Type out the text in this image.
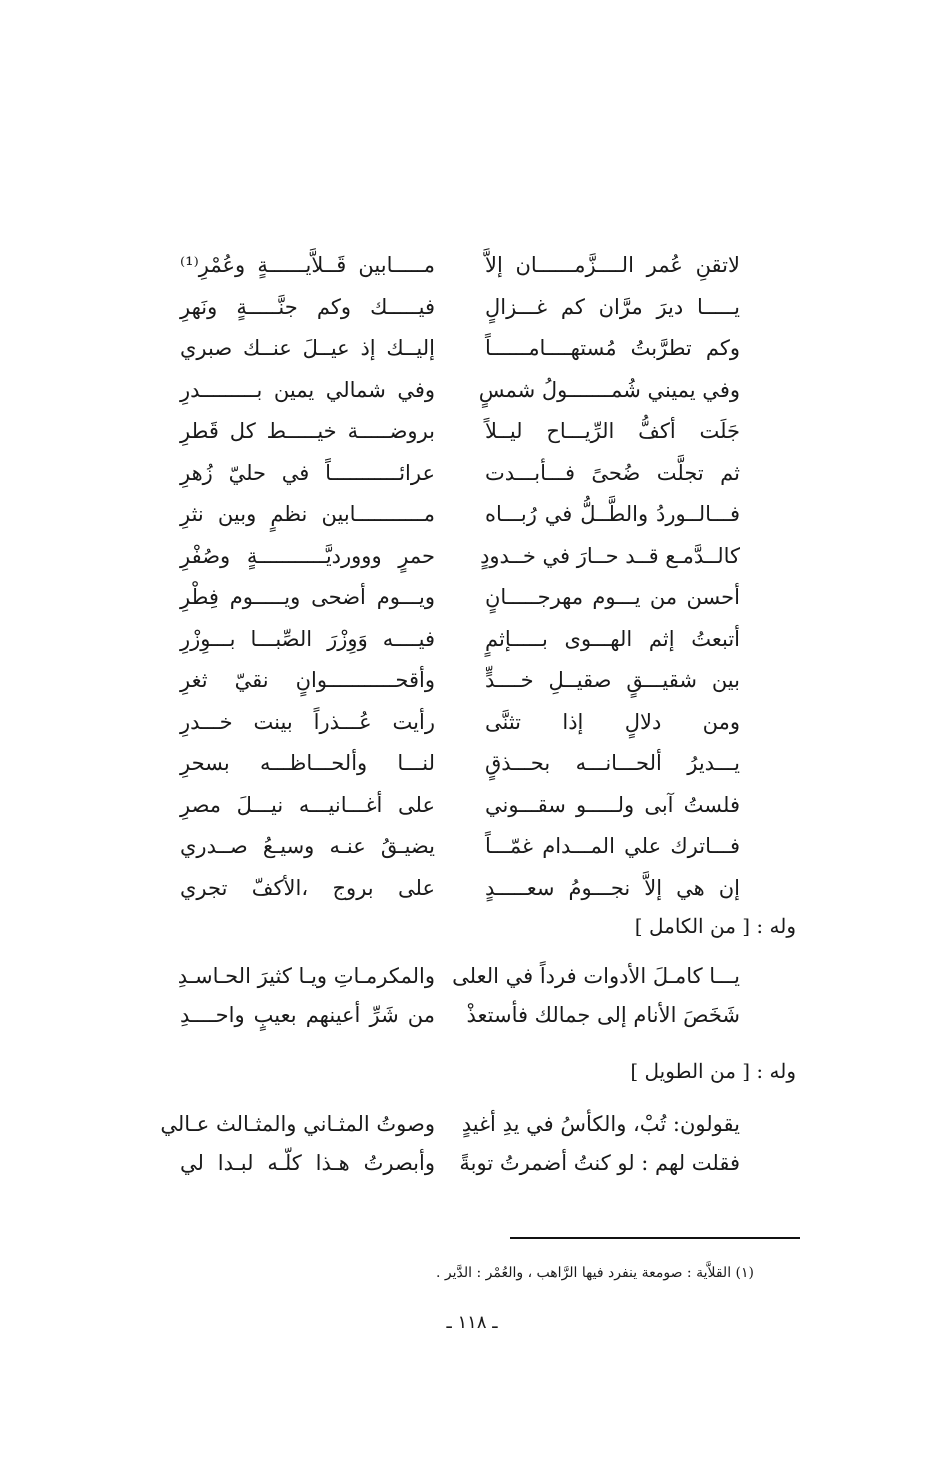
لاتقنِ عُمر الــــزَّمــــــان إلاَّ
مـــــابين قَــلاَّيــــــةٍ وعُمْرِ⁽¹⁾
يـــــا ديرَ مرَّان كم غـــزالٍ
فيـــــك وكم جنَّـــــةٍ ونَهرِ
وكم تطرَّبتُ مُستهــــامــــــاً
إليــك إذ عيــلَ عنــك صبري
وفي يميني شُمـــــــولُ شمسٍ
وفي شمالي يمين بـــــــــدرِ
جَلَت أكفُّ الرِّيـــاح ليــلاً
بروضـــــة خيـــــط كل قَطرِ
ثم تجلَّت ضُحىً فـــأبـــدت
عرائـــــــــــاً في حليّ زُهرِ
فـــالــوردُ والطَّــلُّ في رُبـــاه
مـــــــــــابين نظمٍ وبين نثرِ
كالــدَّمـع قــد حــارَ في خــدودٍ
حمرٍ ووورديَّـــــــــــةٍ وصُفْرِ
أحسن من يـــوم مهرجـــــانٍ
ويـــوم أضحى ويـــــوم فِطْرِ
أتبعتُ إثم الهـــوى بـــــإثمٍ
فيــــه وَوِزْرَ الصِّبـــا بـــوِزْرِ
بين شقيـــقٍ صقيــلِ خــــدٍّ
وأقحـــــــــــوانٍ نقيّ ثغرِ
ومن دلالٍ إذا تثنَّى
رأيت عُـــذراً بينت خـــدرِ
يـــديرُ ألحـــانـــه بحـــذقٍ
لنـــا وألحـــاظـــه بسحرِ
فلستُ آبى ولـــــو سقـــوني
على أغـــانيـــه نيـــلَ مصرِ
فـــاترك علي المـــدام غمّـــاً
يضيـقُ عنـه وسيـعُ صــدري
إن هي إلاَّ نجـــومُ سعـــــدٍ
على بروج ،الأكفّ تجري
وله : [ من الكامل ]
يـــا كامـلَ الأدوات فرداً في العلى
والمكرمـاتِ ويـا كثيرَ الحـاسـدِ
شَخَصَ الأنام إلى جمالك فأستعذْ
من شَرِّ أعينهم بعيبٍ واحــــدِ
وله : [ من الطويل ]
يقولون: تُبْ، والكأسُ في يدِ أغيدٍ
وصوتُ المثـاني والمثـالث عـالي
فقلت لهم : لو كنتُ أضمرتُ توبةً
وأبصرتُ هـذا كلّـه لبـدا لي
(١) القلاَّية : صومعة ينفرد فيها الرَّاهب ، والعُمْر : الدَّير .
ـ ١١٨ ـ
